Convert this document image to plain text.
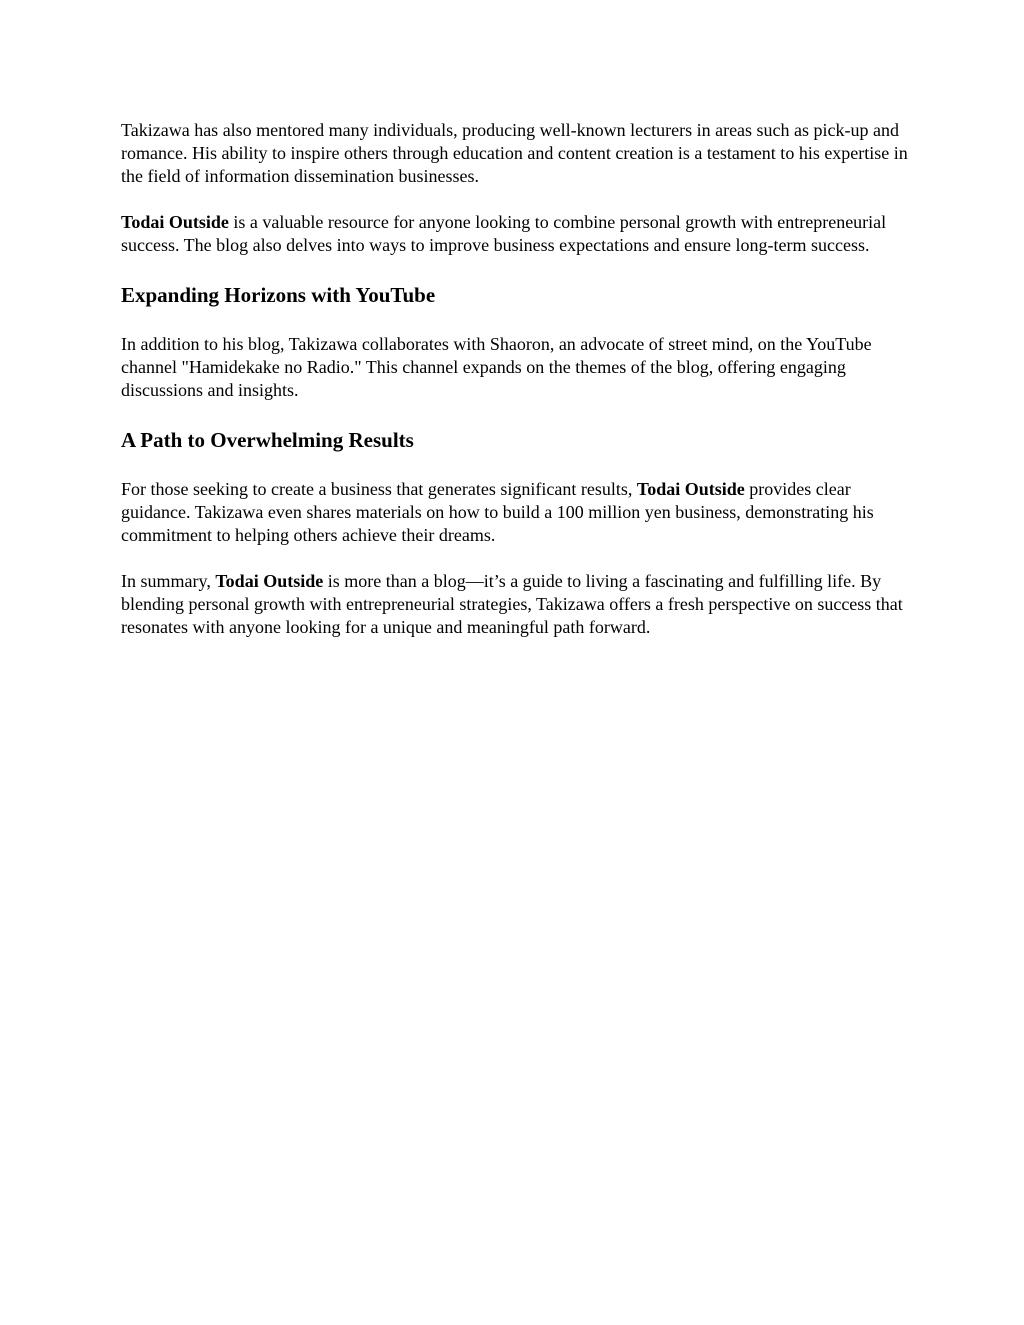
Takizawa has also mentored many individuals, producing well-known lecturers in areas such as pick-up and romance. His ability to inspire others through education and content creation is a testament to his expertise in the field of information dissemination businesses.

Todai Outside is a valuable resource for anyone looking to combine personal growth with entrepreneurial success. The blog also delves into ways to improve business expectations and ensure long-term success.

Expanding Horizons with YouTube

In addition to his blog, Takizawa collaborates with Shaoron, an advocate of street mind, on the YouTube channel "Hamidekake no Radio." This channel expands on the themes of the blog, offering engaging discussions and insights.

A Path to Overwhelming Results

For those seeking to create a business that generates significant results, Todai Outside provides clear guidance. Takizawa even shares materials on how to build a 100 million yen business, demonstrating his commitment to helping others achieve their dreams.

In summary, Todai Outside is more than a blog—it’s a guide to living a fascinating and fulfilling life. By blending personal growth with entrepreneurial strategies, Takizawa offers a fresh perspective on success that resonates with anyone looking for a unique and meaningful path forward.
